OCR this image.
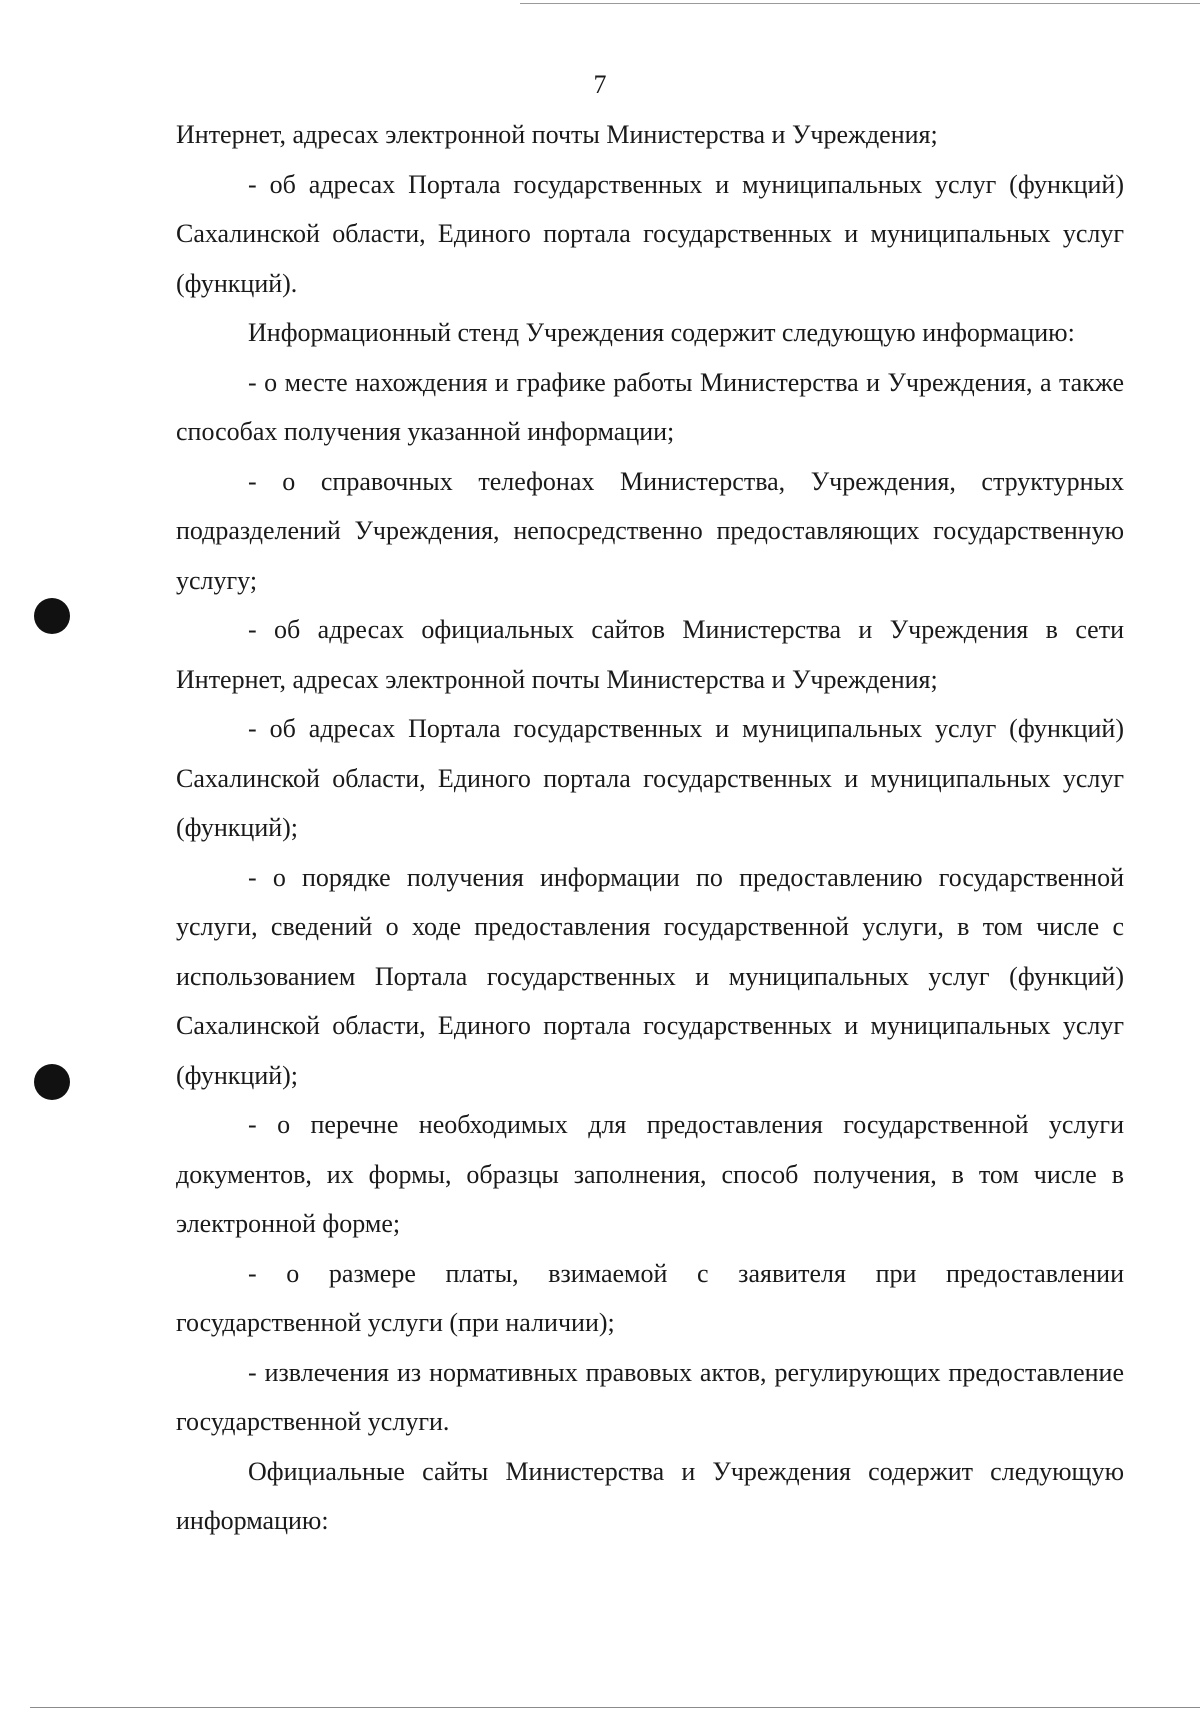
7

Интернет, адресах электронной почты Министерства и Учреждения;

- об адресах Портала государственных и муниципальных услуг (функций) Сахалинской области, Единого портала государственных и муниципальных услуг (функций).

Информационный стенд Учреждения содержит следующую информацию:

- о месте нахождения и графике работы Министерства и Учреждения, а также способах получения указанной информации;

- о справочных телефонах Министерства, Учреждения, структурных подразделений Учреждения, непосредственно предоставляющих государственную услугу;

- об адресах официальных сайтов Министерства и Учреждения в сети Интернет, адресах электронной почты Министерства и Учреждения;

- об адресах Портала государственных и муниципальных услуг (функций) Сахалинской области, Единого портала государственных и муниципальных услуг (функций);

- о порядке получения информации по предоставлению государственной услуги, сведений о ходе предоставления государственной услуги, в том числе с использованием Портала государственных и муниципальных услуг (функций) Сахалинской области, Единого портала государственных и муниципальных услуг (функций);

- о перечне необходимых для предоставления государственной услуги документов, их формы, образцы заполнения, способ получения, в том числе в электронной форме;

- о размере платы, взимаемой с заявителя при предоставлении государственной услуги (при наличии);

- извлечения из нормативных правовых актов, регулирующих предоставление государственной услуги.

Официальные сайты Министерства и Учреждения содержит следующую информацию:
